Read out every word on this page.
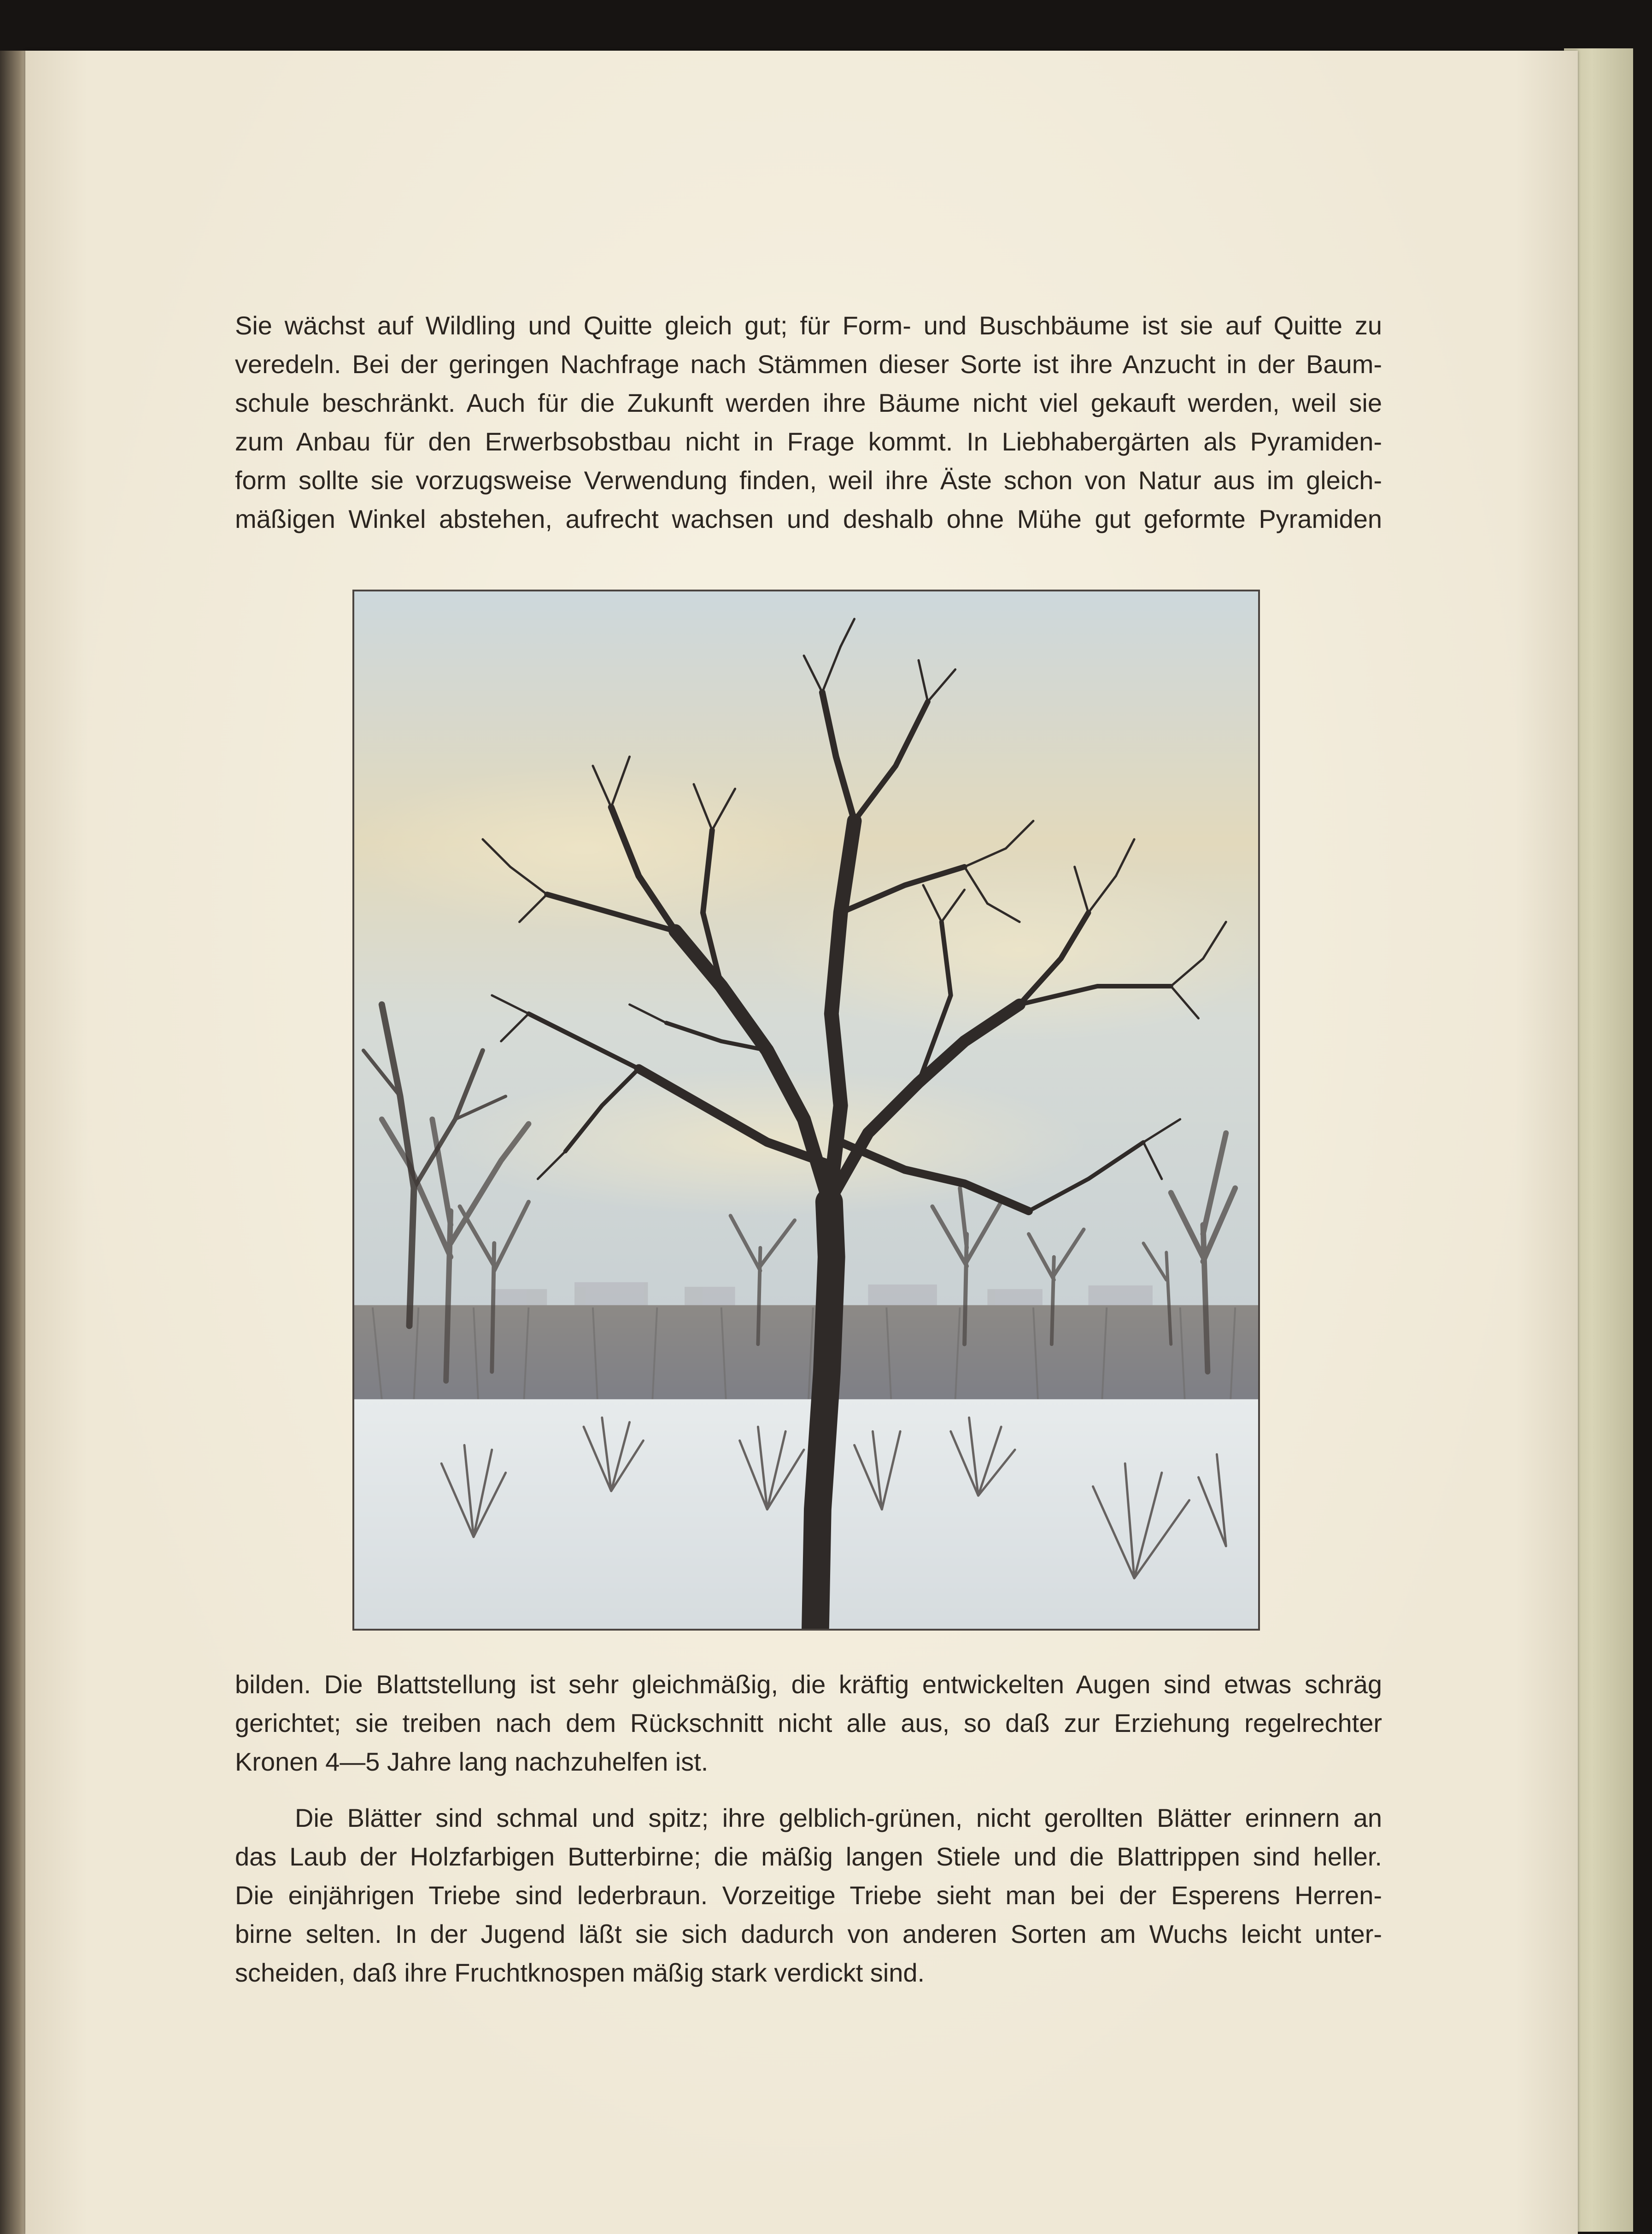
Sie wächst auf Wildling und Quitte gleich gut; für Form- und Buschbäume ist sie auf Quitte zu
veredeln. Bei der geringen Nachfrage nach Stämmen dieser Sorte ist ihre Anzucht in der Baum-
schule beschränkt. Auch für die Zukunft werden ihre Bäume nicht viel gekauft werden, weil sie
zum Anbau für den Erwerbsobstbau nicht in Frage kommt. In Liebhabergärten als Pyramiden-
form sollte sie vorzugsweise Verwendung finden, weil ihre Äste schon von Natur aus im gleich-
mäßigen Winkel abstehen, aufrecht wachsen und deshalb ohne Mühe gut geformte Pyramiden
bilden. Die Blattstellung ist sehr gleichmäßig, die kräftig entwickelten Augen sind etwas schräg
gerichtet; sie treiben nach dem Rückschnitt nicht alle aus, so daß zur Erziehung regelrechter
Kronen 4—5 Jahre lang nachzuhelfen ist.
Die Blätter sind schmal und spitz; ihre gelblich-grünen, nicht gerollten Blätter erinnern an
das Laub der Holzfarbigen Butterbirne; die mäßig langen Stiele und die Blattrippen sind heller.
Die einjährigen Triebe sind lederbraun. Vorzeitige Triebe sieht man bei der Esperens Herren-
birne selten. In der Jugend läßt sie sich dadurch von anderen Sorten am Wuchs leicht unter-
scheiden, daß ihre Fruchtknospen mäßig stark verdickt sind.
